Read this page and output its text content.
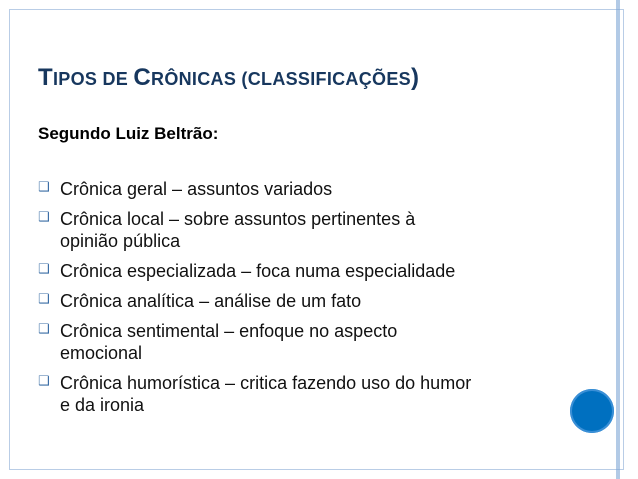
TIPOS DE CRÔNICAS (CLASSIFICAÇÕES)
Segundo Luiz Beltrão:
❑ Crônica geral – assuntos variados
❑ Crônica local – sobre assuntos pertinentes à
opinião pública
❑ Crônica especializada – foca numa especialidade
❑ Crônica analítica – análise de um fato
❑ Crônica sentimental – enfoque no aspecto
emocional
❑ Crônica humorística – critica fazendo uso do humor
e da ironia
